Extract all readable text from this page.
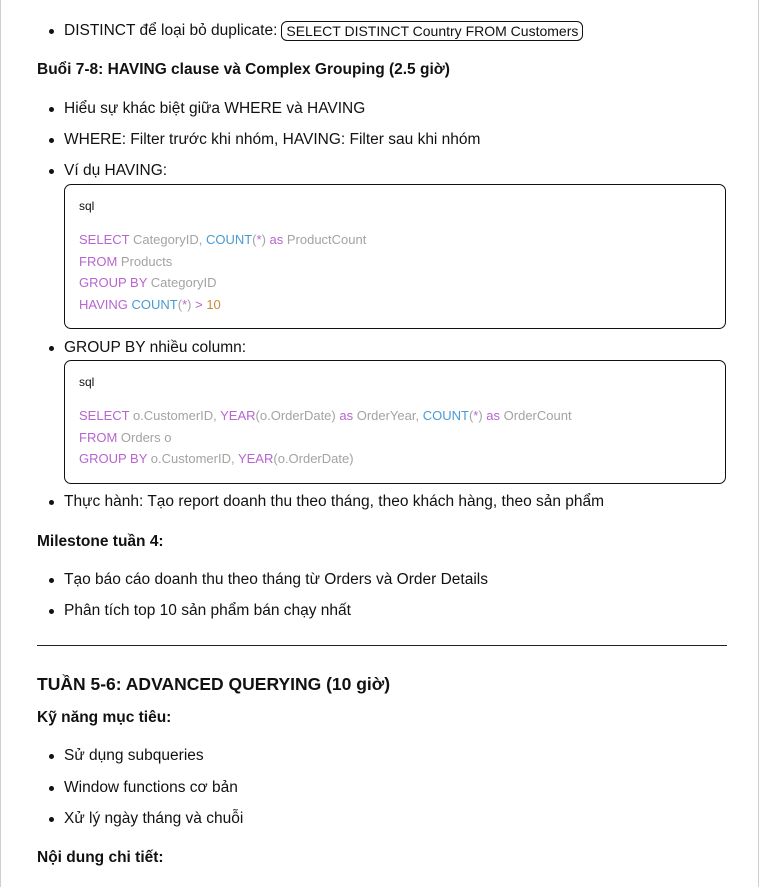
DISTINCT để loại bỏ duplicate: SELECT DISTINCT Country FROM Customers
Buổi 7-8: HAVING clause và Complex Grouping (2.5 giờ)
Hiểu sự khác biệt giữa WHERE và HAVING
WHERE: Filter trước khi nhóm, HAVING: Filter sau khi nhóm
Ví dụ HAVING:
sql
SELECT CategoryID, COUNT(*) as ProductCount
FROM Products
GROUP BY CategoryID
HAVING COUNT(*) > 10
GROUP BY nhiều column:
sql
SELECT o.CustomerID, YEAR(o.OrderDate) as OrderYear, COUNT(*) as OrderCount
FROM Orders o
GROUP BY o.CustomerID, YEAR(o.OrderDate)
Thực hành: Tạo report doanh thu theo tháng, theo khách hàng, theo sản phẩm
Milestone tuần 4:
Tạo báo cáo doanh thu theo tháng từ Orders và Order Details
Phân tích top 10 sản phẩm bán chạy nhất
TUẦN 5-6: ADVANCED QUERYING (10 giờ)
Kỹ năng mục tiêu:
Sử dụng subqueries
Window functions cơ bản
Xử lý ngày tháng và chuỗi
Nội dung chi tiết:
